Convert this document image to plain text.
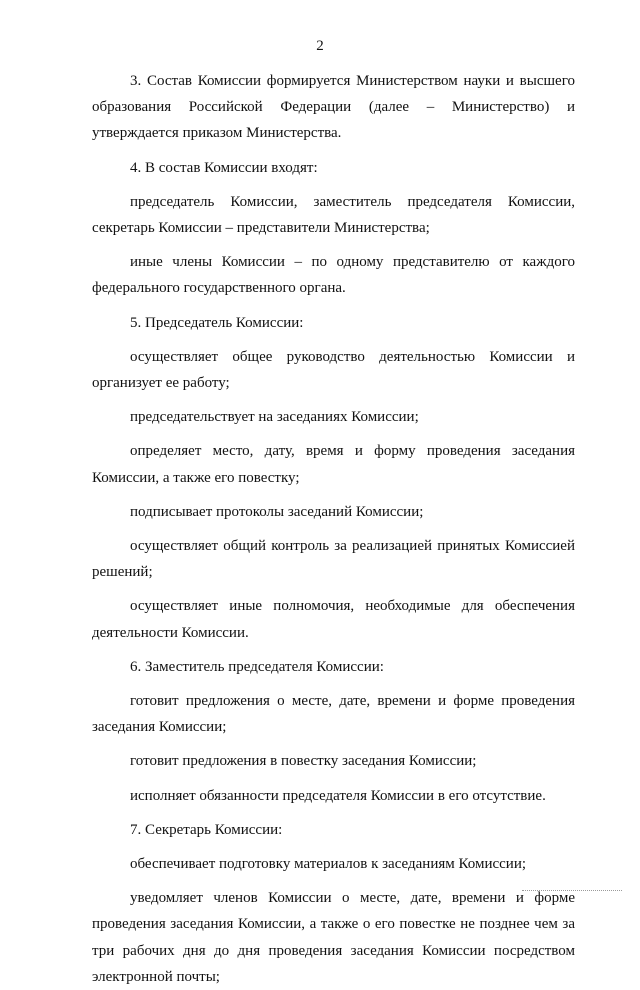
2

3. Состав Комиссии формируется Министерством науки и высшего образования Российской Федерации (далее – Министерство) и утверждается приказом Министерства.

4. В состав Комиссии входят:

председатель Комиссии, заместитель председателя Комиссии, секретарь Комиссии – представители Министерства;

иные члены Комиссии – по одному представителю от каждого федерального государственного органа.

5. Председатель Комиссии:

осуществляет общее руководство деятельностью Комиссии и организует ее работу;

председательствует на заседаниях Комиссии;

определяет место, дату, время и форму проведения заседания Комиссии, а также его повестку;

подписывает протоколы заседаний Комиссии;

осуществляет общий контроль за реализацией принятых Комиссией решений;

осуществляет иные полномочия, необходимые для обеспечения деятельности Комиссии.

6. Заместитель председателя Комиссии:

готовит предложения о месте, дате, времени и форме проведения заседания Комиссии;

готовит предложения в повестку заседания Комиссии;

исполняет обязанности председателя Комиссии в его отсутствие.

7. Секретарь Комиссии:

обеспечивает подготовку материалов к заседаниям Комиссии;

уведомляет членов Комиссии о месте, дате, времени и форме проведения заседания Комиссии, а также о его повестке не позднее чем за три рабочих дня до дня проведения заседания Комиссии посредством электронной почты;
